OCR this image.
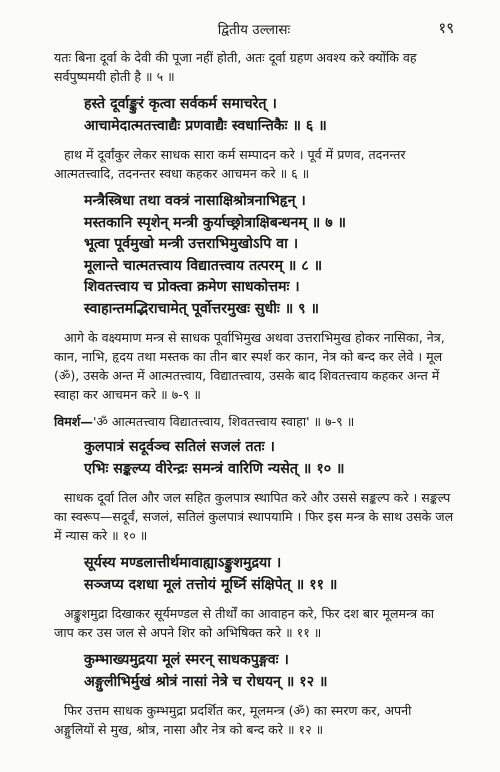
द्वितीय उल्लासः	१९

यतः बिना दूर्वा के देवी की पूजा नहीं होती, अतः दूर्वा ग्रहण अवश्य करे क्योंकि वह सर्वपुष्पमयी होती है ॥ ५ ॥

हस्ते दूर्वाङ्कुरं कृत्वा सर्वकर्म समाचरेत् ।
आचामेदात्मतत्त्वाद्यैः प्रणवाद्यैः स्वधान्तिकैः ॥ ६ ॥

हाथ में दूर्वांकुर लेकर साधक सारा कर्म सम्पादन करे । पूर्व में प्रणव, तदनन्तर आत्मतत्त्वादि, तदनन्तर स्वधा कहकर आचमन करे ॥ ६ ॥

मन्त्रैस्त्रिधा तथा वक्त्रं नासाक्षिश्रोत्रनाभिहृन् ।
मस्तकानि स्पृशेन् मन्त्री कुर्याच्छ्रोत्राक्षिबन्धनम् ॥ ७ ॥
भूत्वा पूर्वमुखो मन्त्री उत्तराभिमुखोऽपि वा ।
मूलान्ते चात्मतत्त्वाय विद्यातत्त्वाय तत्परम् ॥ ८ ॥
शिवतत्त्वाय च प्रोक्त्वा क्रमेण साधकोत्तमः ।
स्वाहान्तमद्भिराचामेत् पूर्वोत्तरमुखः सुधीः ॥ ९ ॥

आगे के वक्ष्यमाण मन्त्र से साधक पूर्वाभिमुख अथवा उत्तराभिमुख होकर नासिका, नेत्र, कान, नाभि, हृदय तथा मस्तक का तीन बार स्पर्श कर कान, नेत्र को बन्द कर लेवे । मूल (ॐ), उसके अन्त में आत्मतत्त्वाय, विद्यातत्त्वाय, उसके बाद शिवतत्त्वाय कहकर अन्त में स्वाहा कर आचमन करे ॥ ७-९ ॥

विमर्श—'ॐ आत्मतत्त्वाय विद्यातत्त्वाय, शिवतत्त्वाय स्वाहा' ॥ ७-९ ॥
कुलपात्रं सदूर्वञ्च सतिलं सजलं ततः ।
एभिः सङ्कल्प्य वीरेन्द्रः समन्त्रं वारिणि न्यसेत् ॥ १० ॥

साधक दूर्वा तिल और जल सहित कुलपात्र स्थापित करे और उससे सङ्कल्प करे । सङ्कल्प का स्वरूप—सदूर्वं, सजलं, सतिलं कुलपात्रं स्थापयामि । फिर इस मन्त्र के साथ उसके जल में न्यास करे ॥ १० ॥

सूर्यस्य मण्डलात्तीर्थमावाह्याऽङ्कुशमुद्रया ।
सञ्जप्य दशधा मूलं तत्तोयं मूर्ध्नि संक्षिपेत् ॥ ११ ॥

अङ्कुशमुद्रा दिखाकर सूर्यमण्डल से तीर्थों का आवाहन करे, फिर दश बार मूलमन्त्र का जाप कर उस जल से अपने शिर को अभिषिक्त करे ॥ ११ ॥

कुम्भाख्यमुद्रया मूलं स्मरन् साधकपुङ्गवः ।
अङ्गुलीभिर्मुखं श्रोत्रं नासां नेत्रे च रोधयन् ॥ १२ ॥

फिर उत्तम साधक कुम्भमुद्रा प्रदर्शित कर, मूलमन्त्र (ॐ) का स्मरण कर, अपनी अङ्गुलियों से मुख, श्रोत्र, नासा और नेत्र को बन्द करे ॥ १२ ॥
